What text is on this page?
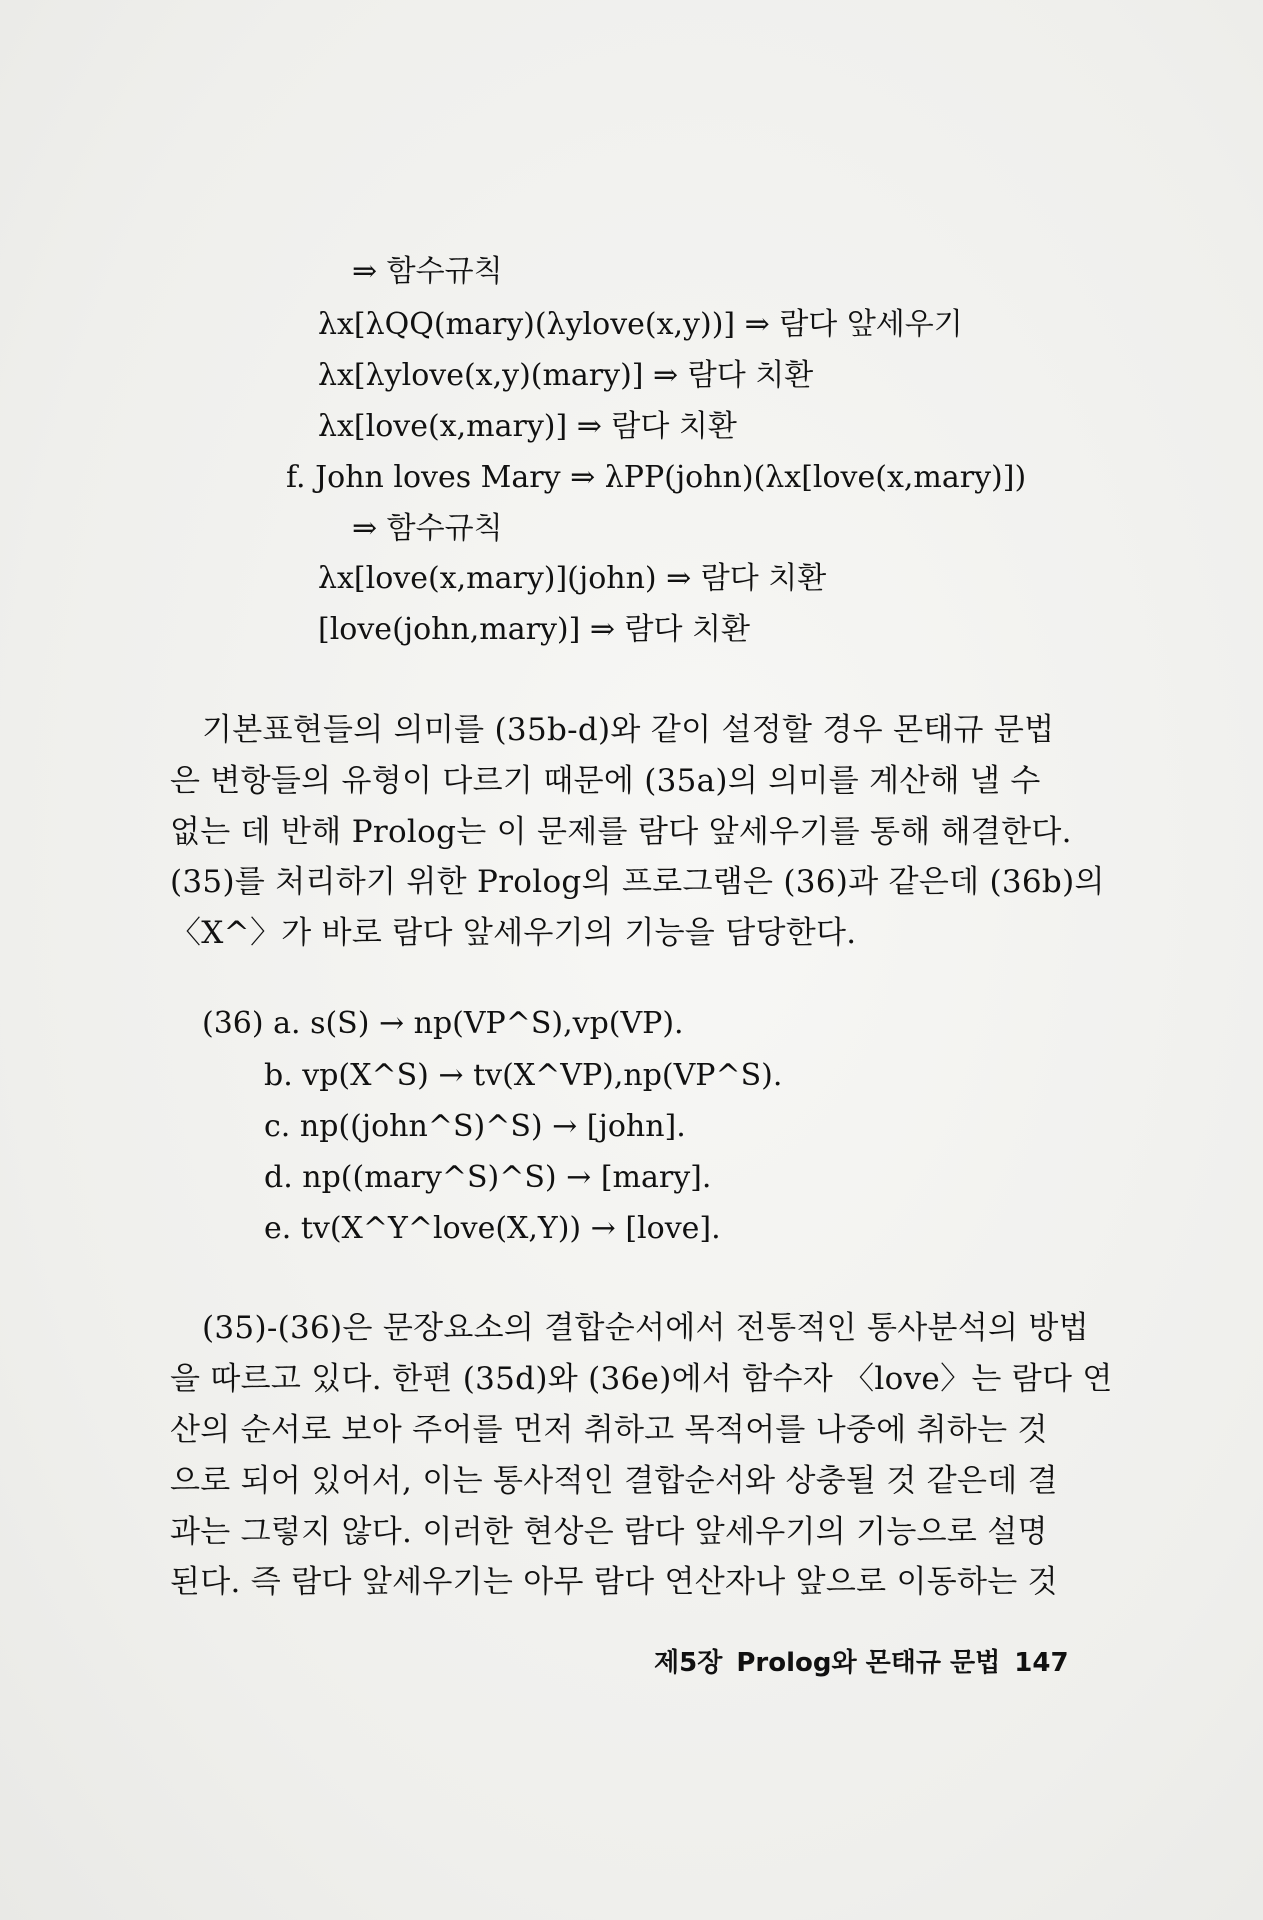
⇒ 함수규칙
λx[λQQ(mary)(λylove(x,y))] ⇒ 람다 앞세우기
λx[λylove(x,y)(mary)] ⇒ 람다 치환
λx[love(x,mary)] ⇒ 람다 치환
f. John loves Mary ⇒ λPP(john)(λx[love(x,mary)])
⇒ 함수규칙
λx[love(x,mary)](john) ⇒ 람다 치환
[love(john,mary)] ⇒ 람다 치환
기본표현들의 의미를 (35b-d)와 같이 설정할 경우 몬태규 문법
은 변항들의 유형이 다르기 때문에 (35a)의 의미를 계산해 낼 수
없는 데 반해 Prolog는 이 문제를 람다 앞세우기를 통해 해결한다.
(35)를 처리하기 위한 Prolog의 프로그램은 (36)과 같은데 (36b)의
〈X^〉가 바로 람다 앞세우기의 기능을 담당한다.
(36) a. s(S) → np(VP^S),vp(VP).
b. vp(X^S) → tv(X^VP),np(VP^S).
c. np((john^S)^S) → [john].
d. np((mary^S)^S) → [mary].
e. tv(X^Y^love(X,Y)) → [love].
(35)-(36)은 문장요소의 결합순서에서 전통적인 통사분석의 방법
을 따르고 있다. 한편 (35d)와 (36e)에서 함수자 〈love〉는 람다 연
산의 순서로 보아 주어를 먼저 취하고 목적어를 나중에 취하는 것
으로 되어 있어서, 이는 통사적인 결합순서와 상충될 것 같은데 결
과는 그렇지 않다. 이러한 현상은 람다 앞세우기의 기능으로 설명
된다. 즉 람다 앞세우기는 아무 람다 연산자나 앞으로 이동하는 것
제5장 Prolog와 몬태규 문법 147
